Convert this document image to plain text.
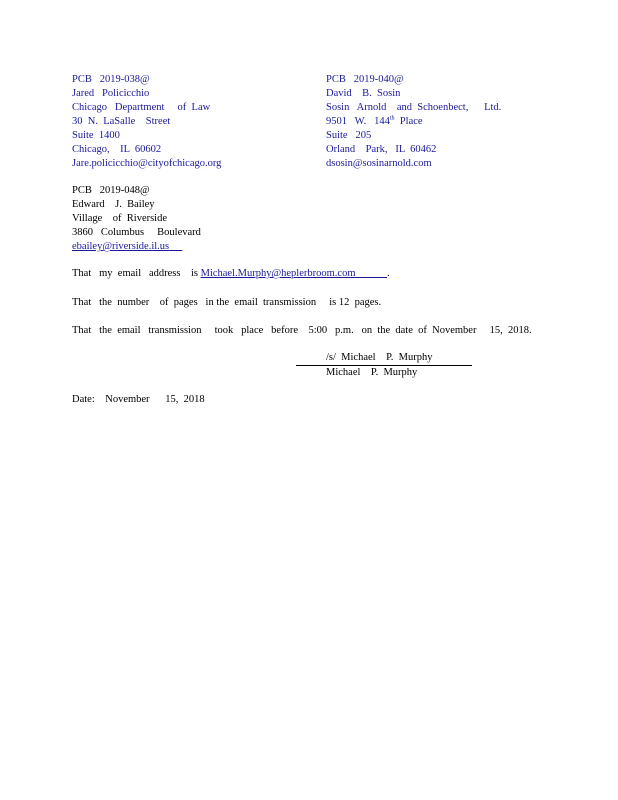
PCB   2019-038@
Jared   Policicchio
Chicago   Department     of  Law
30  N.  LaSalle    Street
Suite  1400
Chicago,    IL  60602
Jare.policicchio@cityofchicago.org
PCB   2019-040@
David    B.  Sosin
Sosin   Arnold    and  Schoenbect,      Ltd.
9501   W.   144th  Place
Suite   205
Orland    Park,   IL  60462
dsosin@sosinarnold.com
PCB   2019-048@
Edward    J.  Bailey
Village    of  Riverside
3860   Columbus     Boulevard
ebailey@riverside.il.us
That   my  email   address    is Michael.Murphy@heplerbroom.com	.
That   the  number    of  pages   in the  email  transmission     is 12  pages.
That   the  email   transmission     took   place   before    5:00   p.m.   on  the  date  of  November     15,  2018.
/s/  Michael    P.  Murphy
Michael    P.  Murphy
Date:    November      15,  2018
